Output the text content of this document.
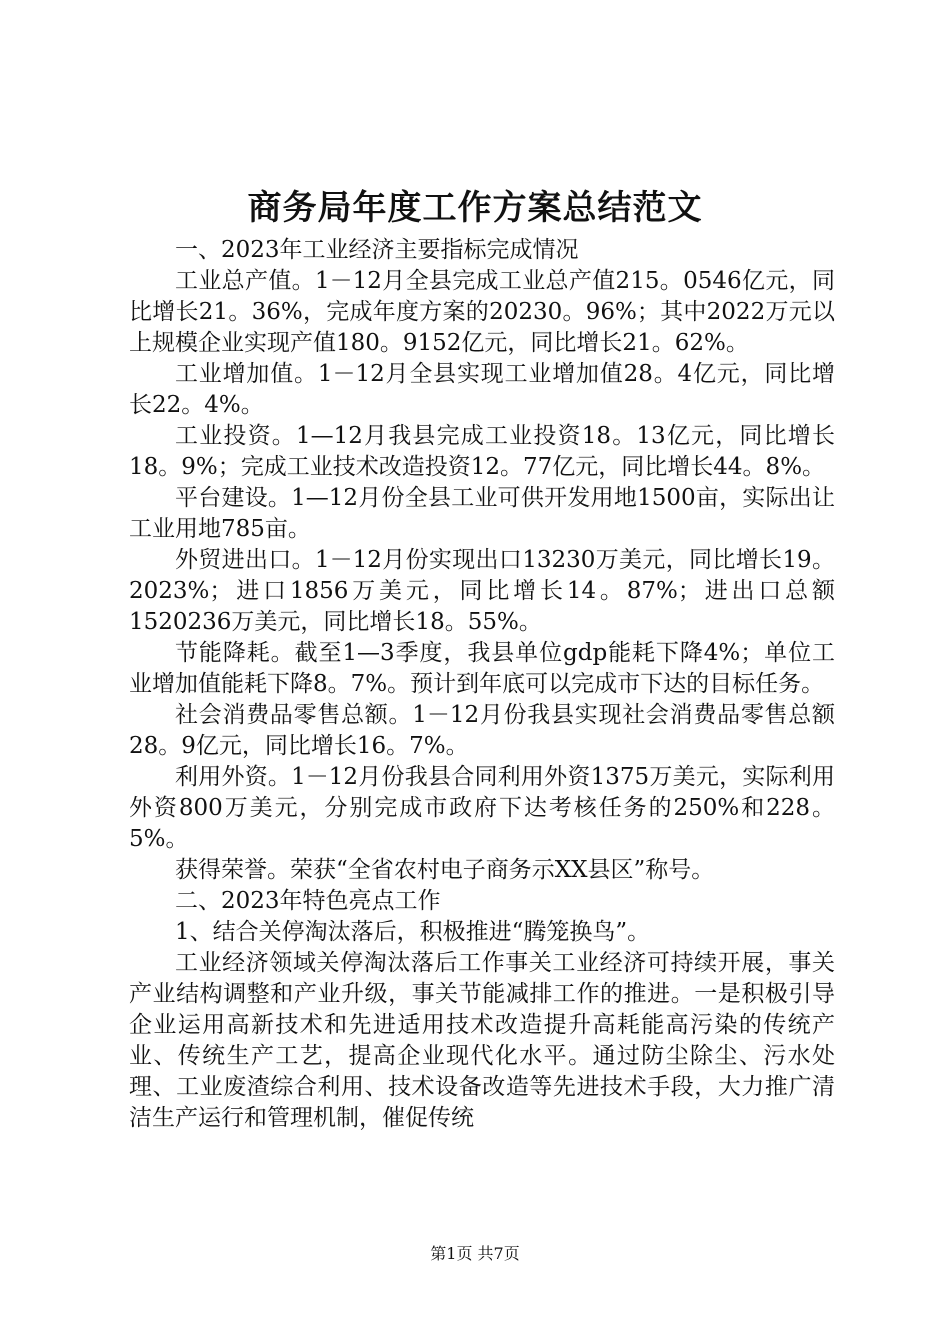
商务局年度工作方案总结范文

一、2023年工业经济主要指标完成情况

工业总产值。1－12月全县完成工业总产值215。0546亿元，同比增长21。36%，完成年度方案的20230。96%；其中2022万元以上规模企业实现产值180。9152亿元，同比增长21。62%。

工业增加值。1－12月全县实现工业增加值28。4亿元，同比增长22。4%。

工业投资。1—12月我县完成工业投资18。13亿元，同比增长18。9%；完成工业技术改造投资12。77亿元，同比增长44。8%。

平台建设。1—12月份全县工业可供开发用地1500亩，实际出让工业用地785亩。

外贸进出口。1－12月份实现出口13230万美元，同比增长19。2023%；进口1856万美元，同比增长14。87%；进出口总额1520236万美元，同比增长18。55%。

节能降耗。截至1—3季度，我县单位gdp能耗下降4%；单位工业增加值能耗下降8。7%。预计到年底可以完成市下达的目标任务。

社会消费品零售总额。1－12月份我县实现社会消费品零售总额28。9亿元，同比增长16。7%。

利用外资。1－12月份我县合同利用外资1375万美元，实际利用外资800万美元，分别完成市政府下达考核任务的250%和228。5%。

获得荣誉。荣获“全省农村电子商务示XX县区”称号。

二、2023年特色亮点工作

1、结合关停淘汰落后，积极推进“腾笼换鸟”。

工业经济领域关停淘汰落后工作事关工业经济可持续开展，事关产业结构调整和产业升级，事关节能减排工作的推进。一是积极引导企业运用高新技术和先进适用技术改造提升高耗能高污染的传统产业、传统生产工艺，提高企业现代化水平。通过防尘除尘、污水处理、工业废渣综合利用、技术设备改造等先进技术手段，大力推广清洁生产运行和管理机制，催促传统

第1页 共7页
